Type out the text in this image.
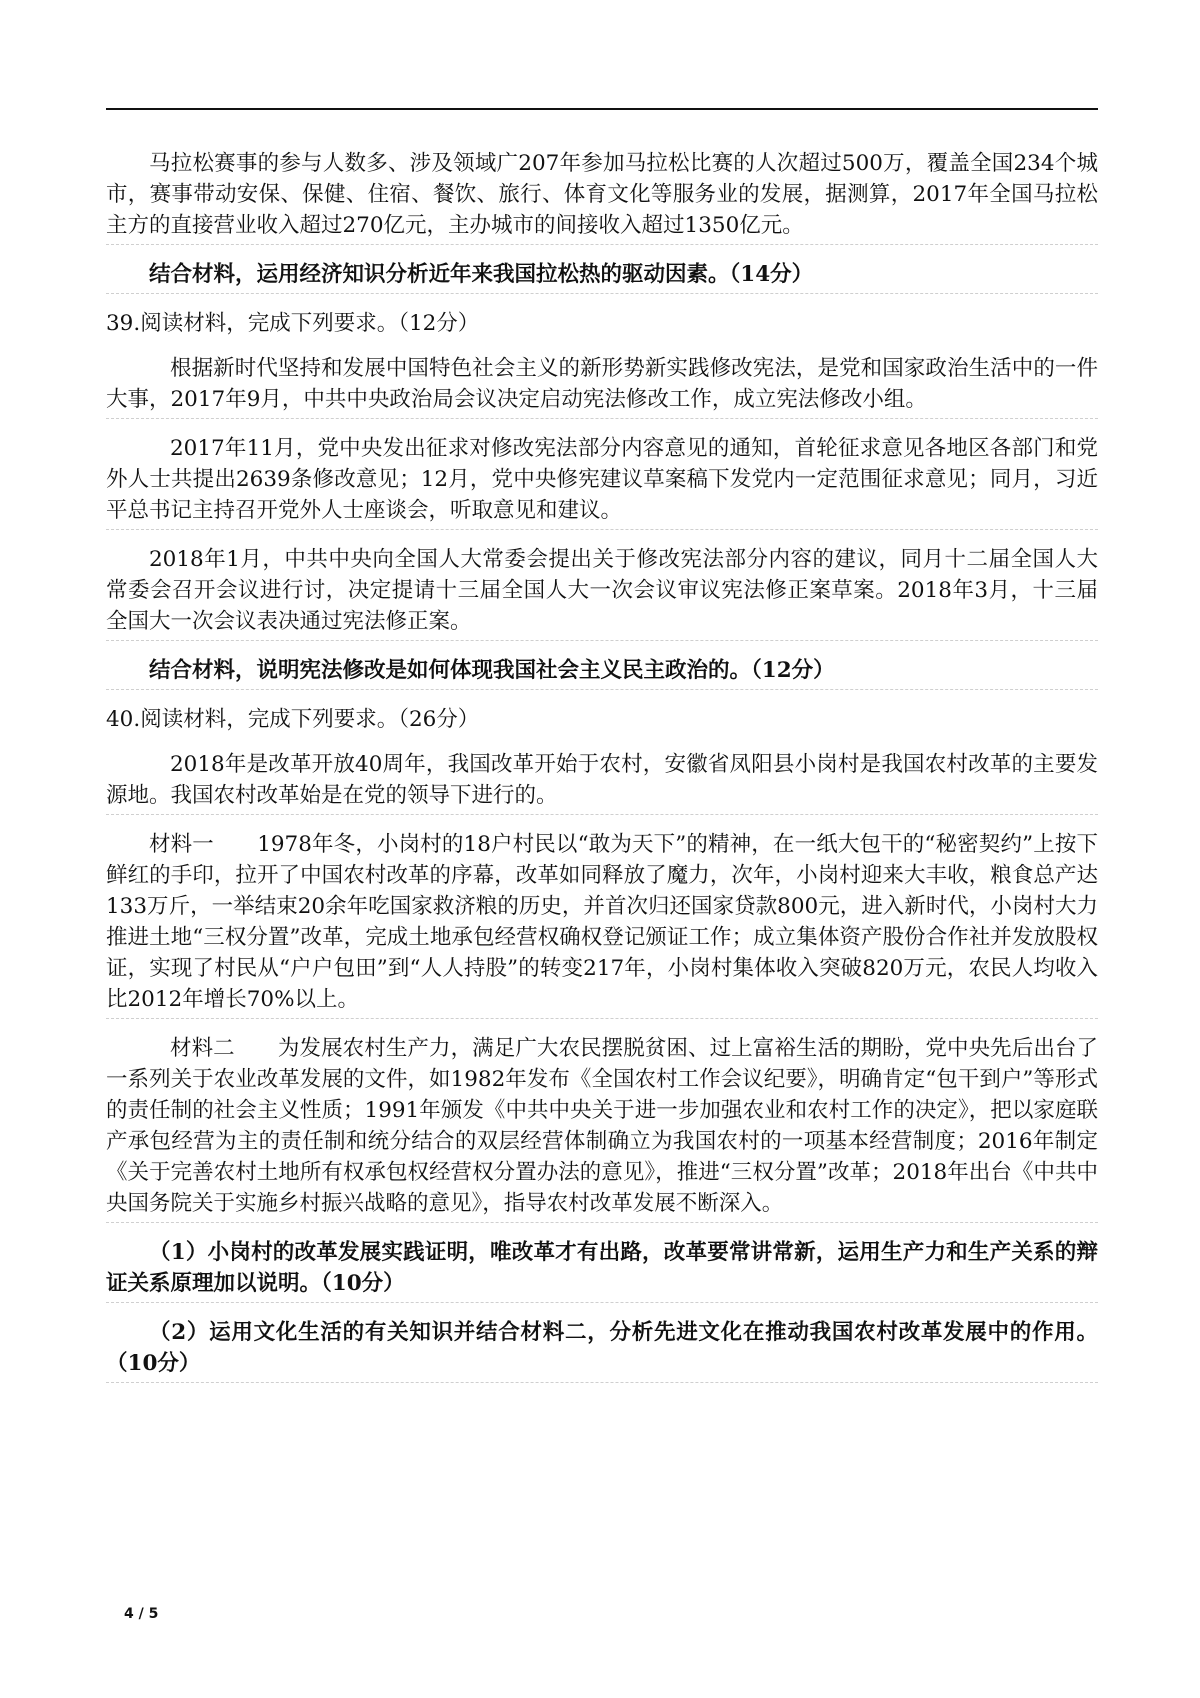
马拉松赛事的参与人数多、涉及领域广207年参加马拉松比赛的人次超过500万，覆盖全国234个城市，赛事带动安保、保健、住宿、餐饮、旅行、体育文化等服务业的发展，据测算，2017年全国马拉松主方的直接营业收入超过270亿元，主办城市的间接收入超过1350亿元。

结合材料，运用经济知识分析近年来我国拉松热的驱动因素。（14分）

39.阅读材料，完成下列要求。（12分）

根据新时代坚持和发展中国特色社会主义的新形势新实践修改宪法，是党和国家政治生活中的一件大事，2017年9月，中共中央政治局会议决定启动宪法修改工作，成立宪法修改小组。

2017年11月，党中央发出征求对修改宪法部分内容意见的通知，首轮征求意见各地区各部门和党外人士共提出2639条修改意见；12月，党中央修宪建议草案稿下发党内一定范围征求意见；同月，习近平总书记主持召开党外人士座谈会，听取意见和建议。

2018年1月，中共中央向全国人大常委会提出关于修改宪法部分内容的建议，同月十二届全国人大常委会召开会议进行讨，决定提请十三届全国人大一次会议审议宪法修正案草案。2018年3月，十三届全国大一次会议表决通过宪法修正案。

结合材料，说明宪法修改是如何体现我国社会主义民主政治的。（12分）

40.阅读材料，完成下列要求。（26分）

2018年是改革开放40周年，我国改革开始于农村，安徽省凤阳县小岗村是我国农村改革的主要发源地。我国农村改革始是在党的领导下进行的。

材料一　　1978年冬，小岗村的18户村民以“敢为天下”的精神，在一纸大包干的“秘密契约”上按下鲜红的手印，拉开了中国农村改革的序幕，改革如同释放了魔力，次年，小岗村迎来大丰收，粮食总产达133万斤，一举结束20余年吃国家救济粮的历史，并首次归还国家贷款800元，进入新时代，小岗村大力推进土地“三权分置”改革，完成土地承包经营权确权登记颁证工作；成立集体资产股份合作社并发放股权证，实现了村民从“户户包田”到“人人持股”的转变217年，小岗村集体收入突破820万元，农民人均收入比2012年增长70%以上。

材料二　　为发展农村生产力，满足广大农民摆脱贫困、过上富裕生活的期盼，党中央先后出台了一系列关于农业改革发展的文件，如1982年发布《全国农村工作会议纪要》，明确肯定“包干到户”等形式的责任制的社会主义性质；1991年颁发《中共中央关于进一步加强农业和农村工作的决定》，把以家庭联产承包经营为主的责任制和统分结合的双层经营体制确立为我国农村的一项基本经营制度；2016年制定《关于完善农村土地所有权承包权经营权分置办法的意见》，推进“三权分置”改革；2018年出台《中共中央国务院关于实施乡村振兴战略的意见》，指导农村改革发展不断深入。

（1）小岗村的改革发展实践证明，唯改革才有出路，改革要常讲常新，运用生产力和生产关系的辩证关系原理加以说明。（10分）

（2）运用文化生活的有关知识并结合材料二，分析先进文化在推动我国农村改革发展中的作用。（10分）

4 / 5
